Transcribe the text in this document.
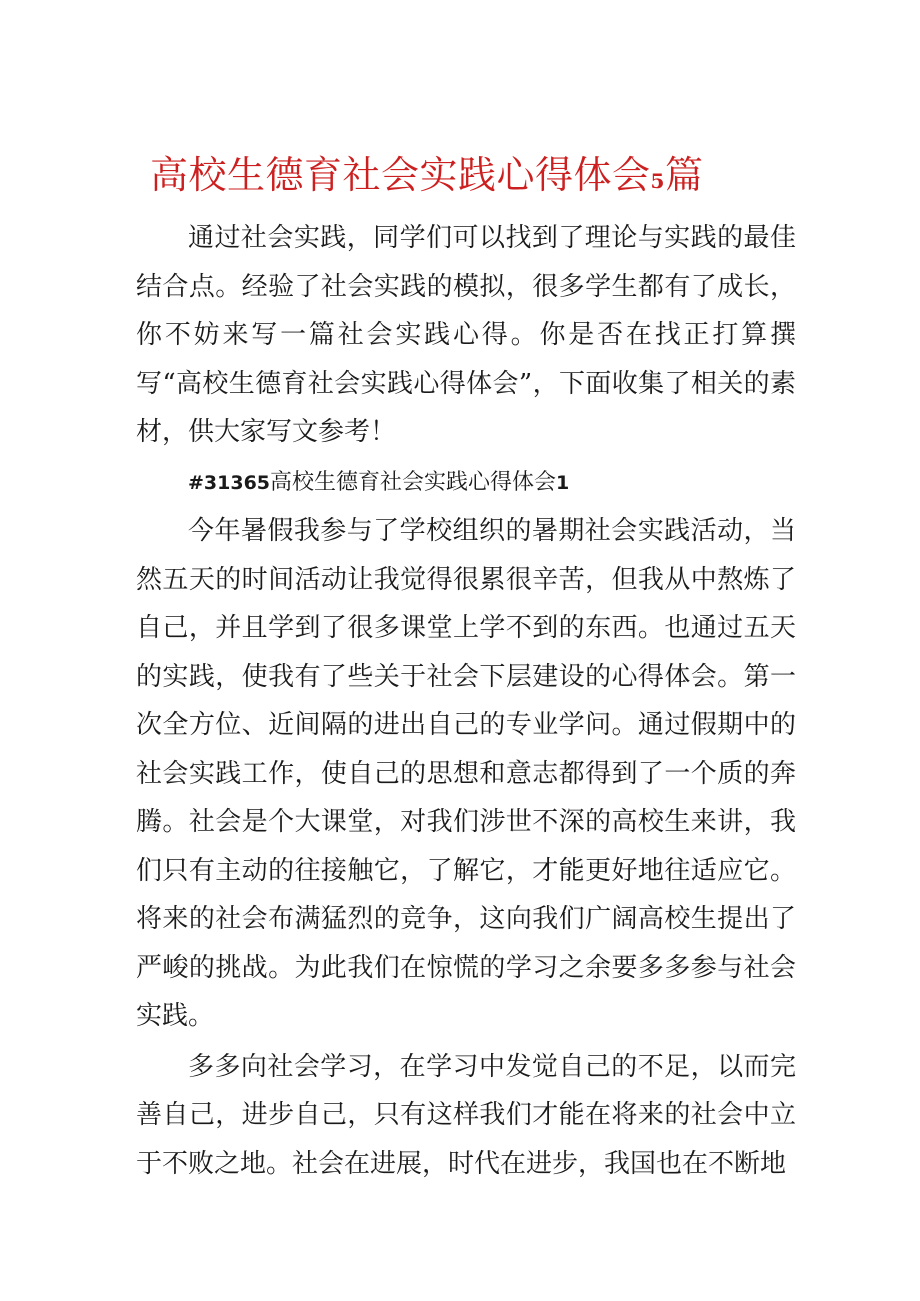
高校生德育社会实践心得体会5篇

通过社会实践，同学们可以找到了理论与实践的最佳结合点。经验了社会实践的模拟，很多学生都有了成长，你不妨来写一篇社会实践心得。你是否在找正打算撰写“高校生德育社会实践心得体会”，下面收集了相关的素材，供大家写文参考！

#31365高校生德育社会实践心得体会1

今年暑假我参与了学校组织的暑期社会实践活动，当然五天的时间活动让我觉得很累很辛苦，但我从中熬炼了自己，并且学到了很多课堂上学不到的东西。也通过五天的实践，使我有了些关于社会下层建设的心得体会。第一次全方位、近间隔的进出自己的专业学问。通过假期中的社会实践工作，使自己的思想和意志都得到了一个质的奔腾。社会是个大课堂，对我们涉世不深的高校生来讲，我们只有主动的往接触它，了解它，才能更好地往适应它。将来的社会布满猛烈的竞争，这向我们广阔高校生提出了严峻的挑战。为此我们在惊慌的学习之余要多多参与社会实践。

多多向社会学习，在学习中发觉自己的不足，以而完善自己，进步自己，只有这样我们才能在将来的社会中立于不败之地。社会在进展，时代在进步，我国也在不断地
